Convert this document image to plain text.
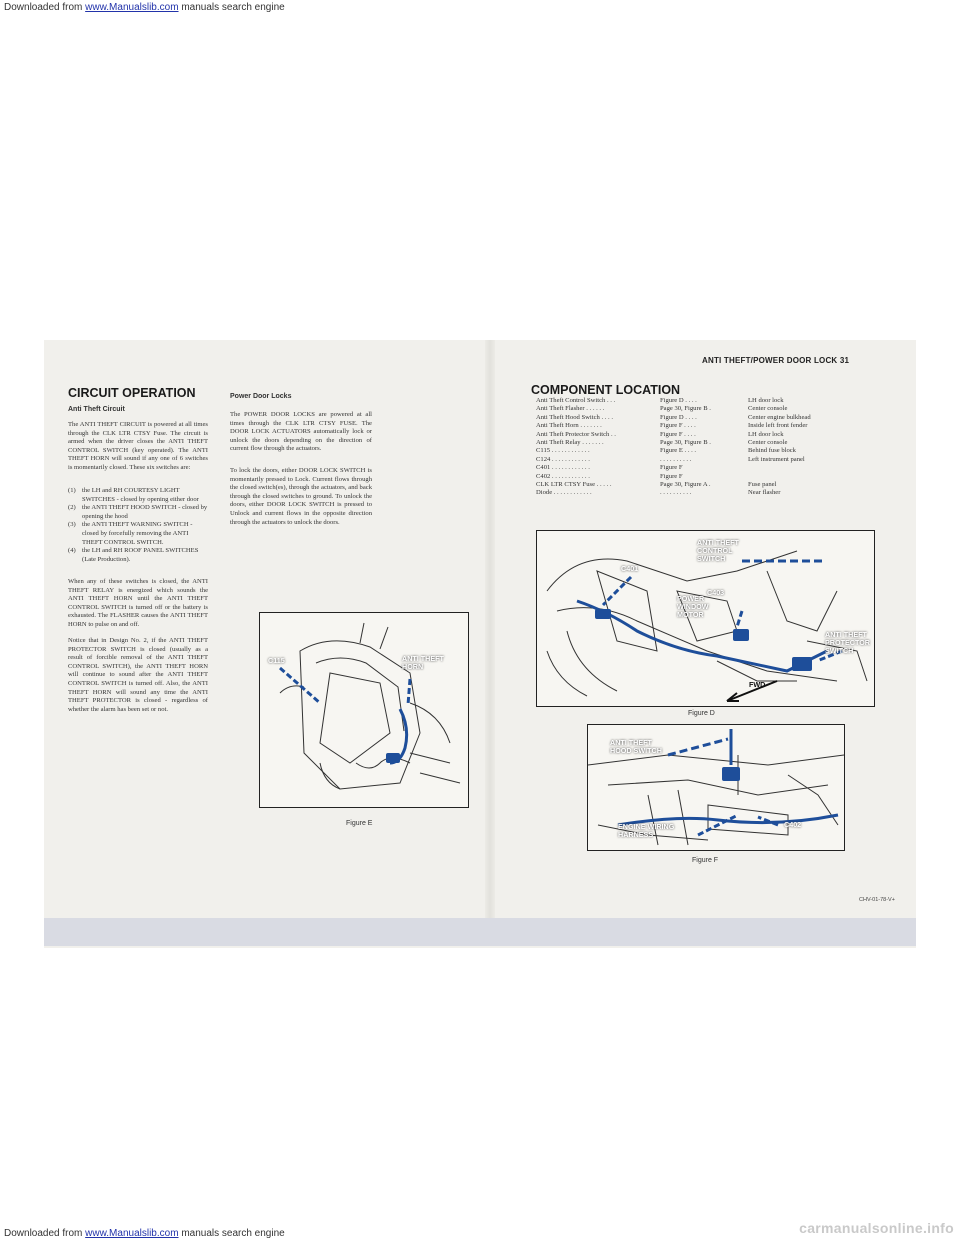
Downloaded from www.Manualslib.com manuals search engine
ANTI THEFT/POWER DOOR LOCK 31
CIRCUIT OPERATION
Anti Theft Circuit

The ANTI THEFT CIRCUIT is powered at all times through the CLK LTR CTSY Fuse. The circuit is armed when the driver closes the ANTI THEFT CONTROL SWITCH (key operated). The ANTI THEFT HORN will sound if any one of 6 switches is momentarily closed. These six switches are:

(1) the LH and RH COURTESY LIGHT SWITCHES - closed by opening either door
(2) the ANTI THEFT HOOD SWITCH - closed by opening the hood
(3) the ANTI THEFT WARNING SWITCH - closed by forcefully removing the ANTI THEFT CONTROL SWITCH.
(4) the LH and RH ROOF PANEL SWITCHES (Late Production).

When any of these switches is closed, the ANTI THEFT RELAY is energized which sounds the ANTI THEFT HORN until the ANTI THEFT CONTROL SWITCH is turned off or the battery is exhausted. The FLASHER causes the ANTI THEFT HORN to pulse on and off.

Notice that in Design No. 2, if the ANTI THEFT PROTECTOR SWITCH is closed (usually as a result of forcible removal of the ANTI THEFT CONTROL SWITCH), the ANTI THEFT HORN will continue to sound after the ANTI THEFT CONTROL SWITCH is turned off. Also, the ANTI THEFT HORN will sound any time the ANTI THEFT PROTECTOR is closed - regardless of whether the alarm has been set or not.

Power Door Locks

The POWER DOOR LOCKS are powered at all times through the CLK LTR CTSY FUSE. The DOOR LOCK ACTUATORS automatically lock or unlock the doors depending on the direction of current flow through the actuators.

To lock the doors, either DOOR LOCK SWITCH is momentarily pressed to Lock. Current flows through the closed switch(es), through the actuators, and back through the closed switches to ground. To unlock the doors, either DOOR LOCK SWITCH is pressed to Unlock and current flows in the opposite direction through the actuators to unlock the doors.

C115	ANTI THEFT
HORN
Figure E
COMPONENT LOCATION
Anti Theft Control Switch . . .	Figure D . . . .	LH door lock
Anti Theft Flasher . . . . . .	Page 30, Figure B .	Center console
Anti Theft Hood Switch . . . .	Figure D . . . .	Center engine bulkhead
Anti Theft Horn . . . . . . .	Figure F . . . .	Inside left front fender
Anti Theft Protector Switch . .	Figure F . . . .	LH door lock
Anti Theft Relay . . . . . . .	Page 30, Figure B .	Center console
C115 . . . . . . . . . . . .	Figure E . . . .	Behind fuse block
C124 . . . . . . . . . . . .	. . . . . . . . . .	Left instrument panel
C401 . . . . . . . . . . . .	Figure F
C402 . . . . . . . . . . . .	Figure F
CLK LTR CTSY Fuse . . . . .	Page 30, Figure A .	Fuse panel
Diode . . . . . . . . . . . .	. . . . . . . . . .	Near flasher
C401
ANTI THEFT
CONTROL
SWITCH
C403
POWER
WINDOW
MOTOR
ANTI THEFT
PROTECTOR
SWITCH
FWD
Figure D
ANTI THEFT
HOOD SWITCH
ENGINE WIRING
HARNESS
C402
Figure F
CHV-01-78-V+
Downloaded from www.Manualslib.com manuals search engine	carmanualsonline.info
